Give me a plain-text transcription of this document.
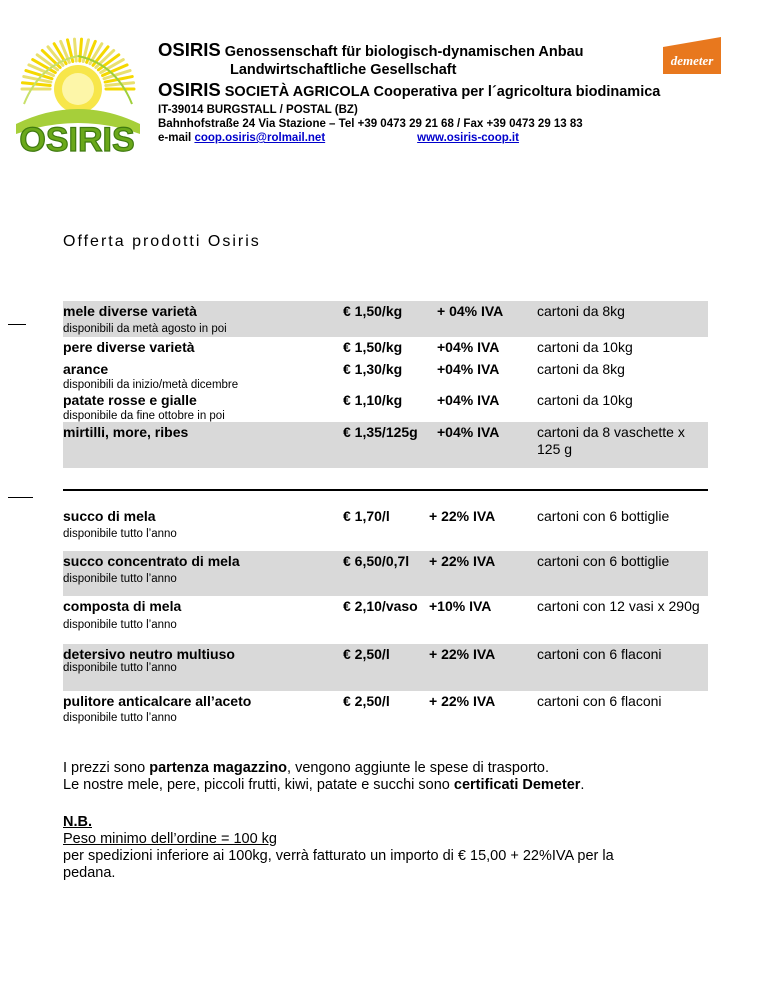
OSIRIS
OSIRIS Genossenschaft für biologisch-dynamischen Anbau
Landwirtschaftliche Gesellschaft
OSIRIS SOCIETÀ AGRICOLA Cooperativa per l´agricoltura biodinamica
IT-39014 BURGSTALL / POSTAL (BZ)
Bahnhofstraße 24 Via Stazione – Tel +39 0473 29 21 68 / Fax +39 0473 29 13 83
e-mail coop.osiris@rolmail.net	www.osiris-coop.it
demeter
Offerta prodotti Osiris
mele diverse varietà	€ 1,50/kg + 04% IVA cartoni da 8kg
disponibili da metà agosto in poi
pere diverse varietà	€ 1,50/kg +04% IVA	cartoni da 10kg
arance	€ 1,30/kg +04% IVA	cartoni da 8kg
disponibili da inizio/metà dicembre
patate rosse e gialle	€ 1,10/kg +04% IVA	cartoni da 10kg
disponibile da fine ottobre in poi
mirtilli, more, ribes	€ 1,35/125g +04% IVA	cartoni da 8 vaschette x 125 g
succo di mela	€ 1,70/l	+ 22% IVA	cartoni con 6 bottiglie
disponibile tutto l’anno
succo concentrato di mela	€ 6,50/0,7l + 22% IVA	cartoni con 6 bottiglie
disponibile tutto l’anno
composta di mela	€ 2,10/vaso +10% IVA	cartoni con 12 vasi x 290g
disponibile tutto l’anno
detersivo neutro multiuso	€ 2,50/l	+ 22% IVA	cartoni con 6 flaconi
disponibile tutto l’anno
pulitore anticalcare all’aceto	€ 2,50/l	+ 22% IVA	cartoni con 6 flaconi
disponibile tutto l’anno
I prezzi sono partenza magazzino, vengono aggiunte le spese di trasporto.
Le nostre mele, pere, piccoli frutti, kiwi, patate e succhi sono certificati Demeter.
N.B.
Peso minimo dell’ordine = 100 kg
per spedizioni inferiore ai 100kg, verrà fatturato un importo di € 15,00 + 22%IVA per la
pedana.
